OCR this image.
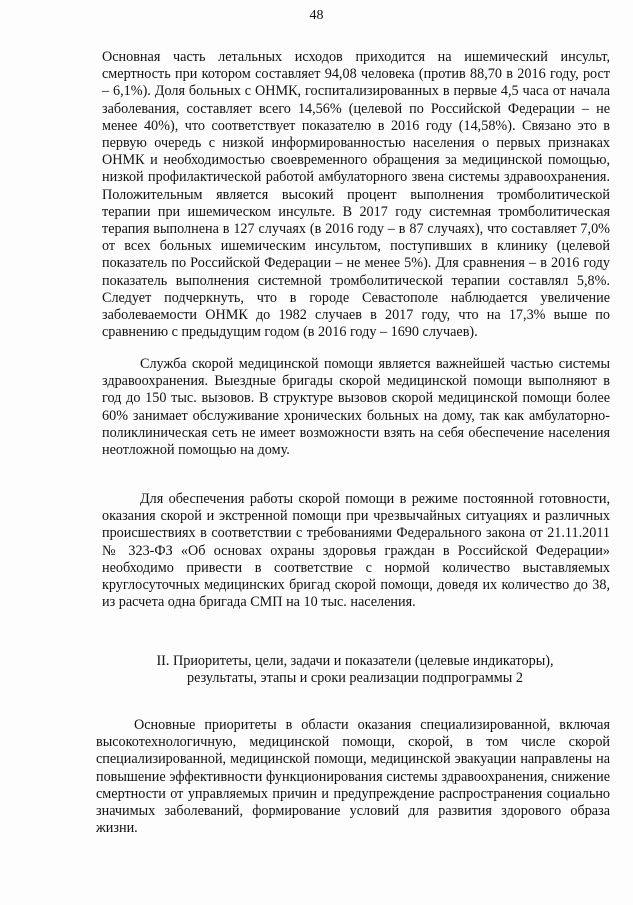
48

Основная часть летальных исходов приходится на ишемический инсульт, смертность при котором составляет 94,08 человека (против 88,70 в 2016 году, рост – 6,1%). Доля больных с ОНМК, госпитализированных в первые 4,5 часа от начала заболевания, составляет всего 14,56% (целевой по Российской Федерации – не менее 40%), что соответствует показателю в 2016 году (14,58%). Связано это в первую очередь с низкой информированностью населения о первых признаках ОНМК и необходимостью своевременного обращения за медицинской помощью, низкой профилактической работой амбулаторного звена системы здравоохранения. Положительным является высокий процент выполнения тромболитической терапии при ишемическом инсульте. В 2017 году системная тромболитическая терапия выполнена в 127 случаях (в 2016 году – в 87 случаях), что составляет 7,0% от всех больных ишемическим инсультом, поступивших в клинику (целевой показатель по Российской Федерации – не менее 5%). Для сравнения – в 2016 году показатель выполнения системной тромболитической терапии составлял 5,8%. Следует подчеркнуть, что в городе Севастополе наблюдается увеличение заболеваемости ОНМК до 1982 случаев в 2017 году, что на 17,3% выше по сравнению с предыдущим годом (в 2016 году – 1690 случаев).

Служба скорой медицинской помощи является важнейшей частью системы здравоохранения. Выездные бригады скорой медицинской помощи выполняют в год до 150 тыс. вызовов. В структуре вызовов скорой медицинской помощи более 60% занимает обслуживание хронических больных на дому, так как амбулаторно-поликлиническая сеть не имеет возможности взять на себя обеспечение населения неотложной помощью на дому.

Для обеспечения работы скорой помощи в режиме постоянной готовности, оказания скорой и экстренной помощи при чрезвычайных ситуациях и различных происшествиях в соответствии с требованиями Федерального закона от 21.11.2011 № 323-ФЗ «Об основах охраны здоровья граждан в Российской Федерации» необходимо привести в соответствие с нормой количество выставляемых круглосуточных медицинских бригад скорой помощи, доведя их количество до 38, из расчета одна бригада СМП на 10 тыс. населения.

II. Приоритеты, цели, задачи и показатели (целевые индикаторы), результаты, этапы и сроки реализации подпрограммы 2

Основные приоритеты в области оказания специализированной, включая высокотехнологичную, медицинской помощи, скорой, в том числе скорой специализированной, медицинской помощи, медицинской эвакуации направлены на повышение эффективности функционирования системы здравоохранения, снижение смертности от управляемых причин и предупреждение распространения социально значимых заболеваний, формирование условий для развития здорового образа жизни.
